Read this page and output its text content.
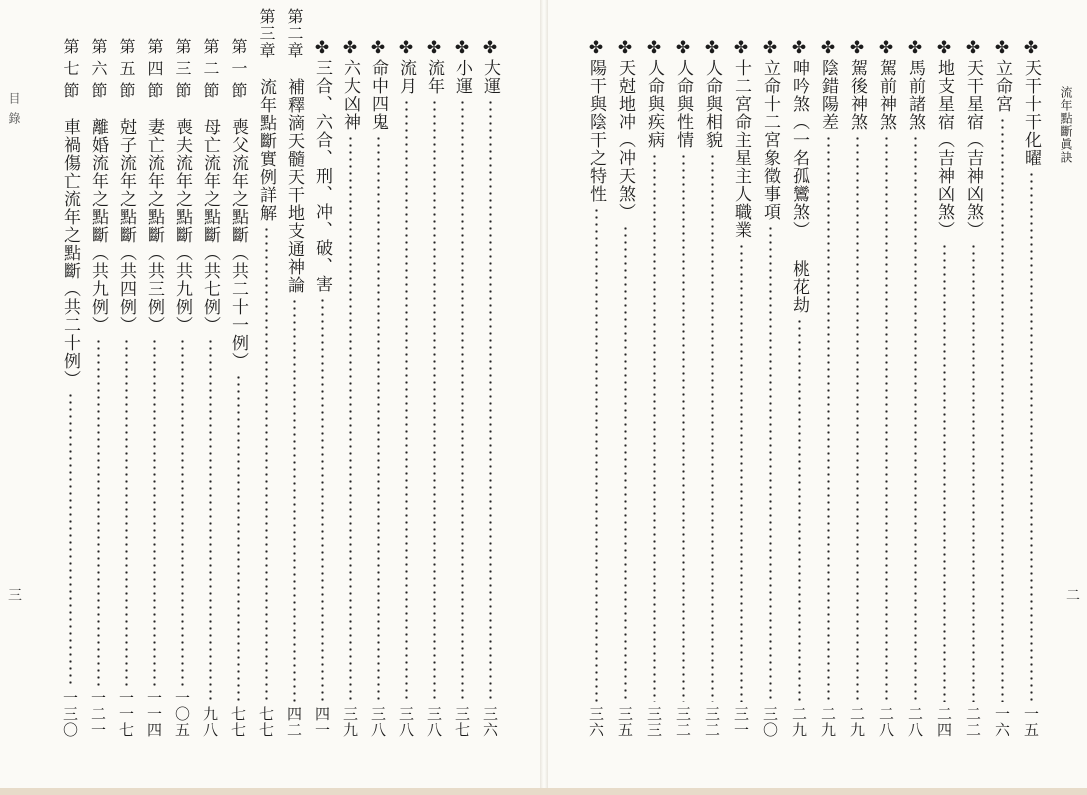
流年點斷眞訣
目錄
二
三
✤天干十干化曜
一五
✤立命宮
一六
✤天干星宿（吉神凶煞）
二二
✤地支星宿（吉神凶煞）
二四
✤馬前諸煞
二八
✤駕前神煞
二八
✤駕後神煞
二九
✤陰錯陽差
二九
✤呻吟煞（一名孤鸞煞） 桃花劫
二九
✤立命十二宮象徵事項
三〇
✤十二宮命主星主人職業
三一
✤人命與相貌
三二
✤人命與性情
三二
✤人命與疾病
三三
✤天尅地冲（冲天煞）
三五
✤陽干與陰干之特性
三六
✤大運
三六
✤小運
三七
✤流年
三八
✤流月
三八
✤命中四鬼
三八
✤六大凶神
三九
✤三合、六合、刑、冲、破、害
四一
第二章
補釋滴天髓天干地支通神論
四二
第三章
流年點斷實例詳解
七七
第一節
喪父流年之點斷（共二十一例）
七七
第二節
母亡流年之點斷（共七例）
九八
第三節
喪夫流年之點斷（共九例）
一〇五
第四節
妻亡流年之點斷（共三例）
一一四
第五節
尅子流年之點斷（共四例）
一一七
第六節
離婚流年之點斷（共九例）
一二一
第七節
車禍傷亡流年之點斷（共二十例）
一三〇
